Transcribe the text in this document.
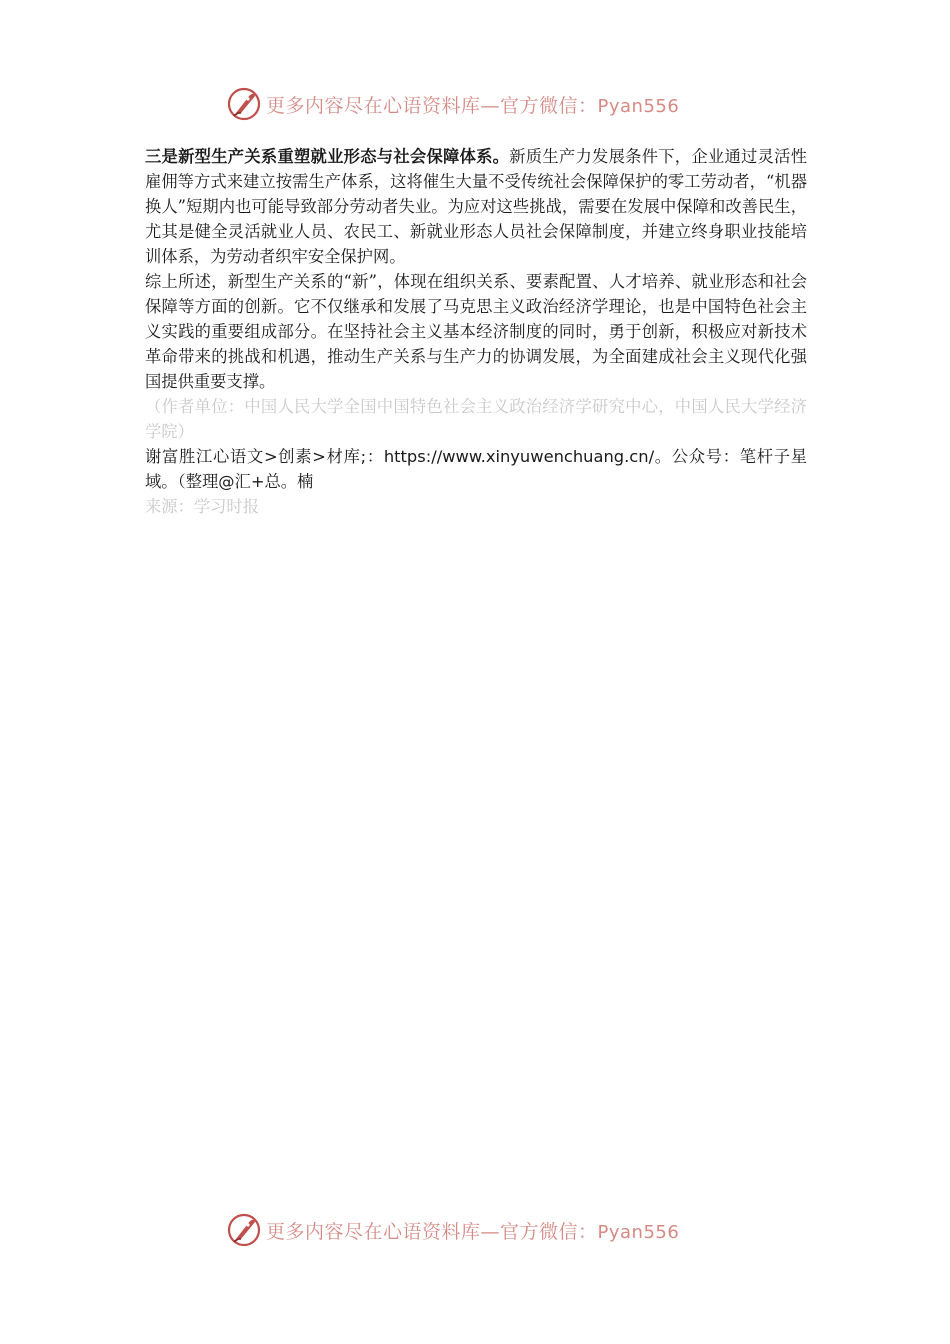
更多内容尽在心语资料库—官方微信：Pyan556

三是新型生产关系重塑就业形态与社会保障体系。新质生产力发展条件下，企业通过灵活性雇佣等方式来建立按需生产体系，这将催生大量不受传统社会保障保护的零工劳动者，“机器换人”短期内也可能导致部分劳动者失业。为应对这些挑战，需要在发展中保障和改善民生，尤其是健全灵活就业人员、农民工、新就业形态人员社会保障制度，并建立终身职业技能培训体系，为劳动者织牢安全保护网。

综上所述，新型生产关系的“新”，体现在组织关系、要素配置、人才培养、就业形态和社会保障等方面的创新。它不仅继承和发展了马克思主义政治经济学理论，也是中国特色社会主义实践的重要组成部分。在坚持社会主义基本经济制度的同时，勇于创新，积极应对新技术革命带来的挑战和机遇，推动生产关系与生产力的协调发展，为全面建成社会主义现代化强国提供重要支撑。

（作者单位：中国人民大学全国中国特色社会主义政治经济学研究中心，中国人民大学经济学院）

谢富胜江心语文>创素>材库;：https://www.xinyuwenchuang.cn/。公众号：笔杆子星域。（整理@汇+总。楠

来源：学习时报

更多内容尽在心语资料库—官方微信：Pyan556
